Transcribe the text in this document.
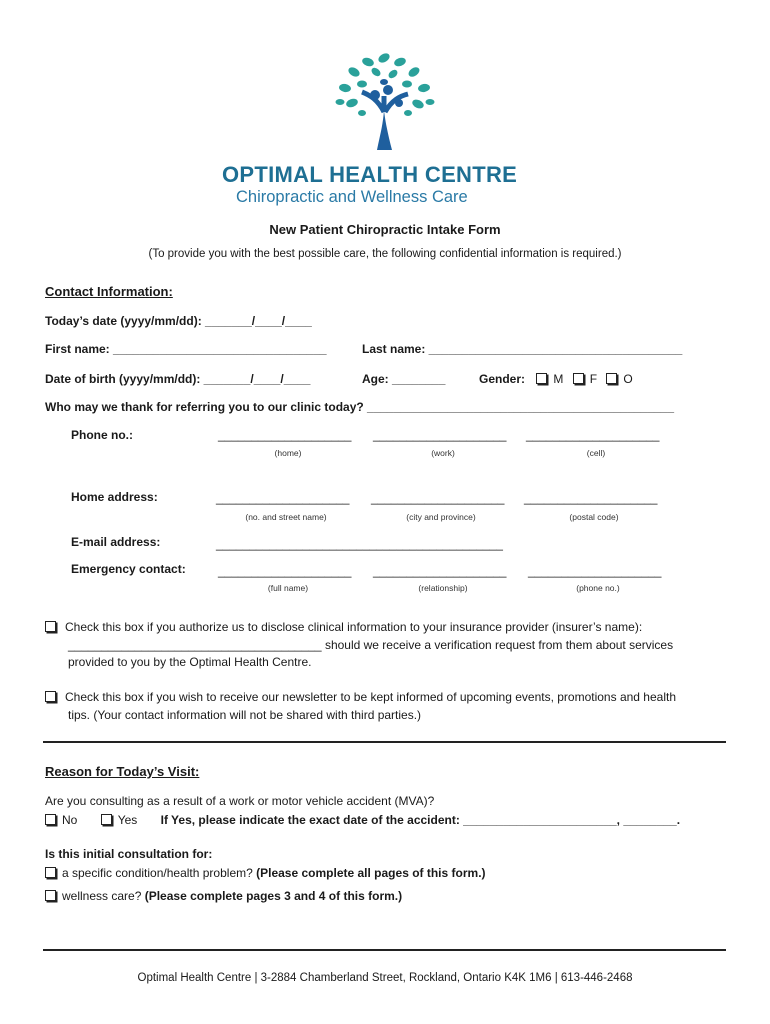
OPTIMAL HEALTH CENTRE
Chiropractic and Wellness Care
New Patient Chiropractic Intake Form
(To provide you with the best possible care, the following confidential information is required.)
Contact Information:
Today’s date (yyyy/mm/dd): _______/____/____
First name: ________________________________	Last name: ______________________________________
Date of birth (yyyy/mm/dd): _______/____/____	Age: ________	Gender: M F O
Who may we thank for referring you to our clinic today? ______________________________________________
Phone no.:	____________________ ____________________ ____________________
(home)	(work)	(cell)
Home address:	____________________ ____________________ ____________________
(no. and street name)	(city and province)	(postal code)
E-mail address:	___________________________________________
Emergency contact:	____________________ ____________________ ____________________
(full name)	(relationship)	(phone no.)
Check this box if you authorize us to disclose clinical information to your insurance provider (insurer’s name):
______________________________________ should we receive a verification request from them about services
provided to you by the Optimal Health Centre.
Check this box if you wish to receive our newsletter to be kept informed of upcoming events, promotions and health
tips. (Your contact information will not be shared with third parties.)
Reason for Today’s Visit:
Are you consulting as a result of a work or motor vehicle accident (MVA)?
No	Yes If Yes, please indicate the exact date of the accident: _______________________, ________.
Is this initial consultation for:
a specific condition/health problem? (Please complete all pages of this form.)
wellness care? (Please complete pages 3 and 4 of this form.)
Optimal Health Centre | 3-2884 Chamberland Street, Rockland, Ontario K4K 1M6 | 613-446-2468
